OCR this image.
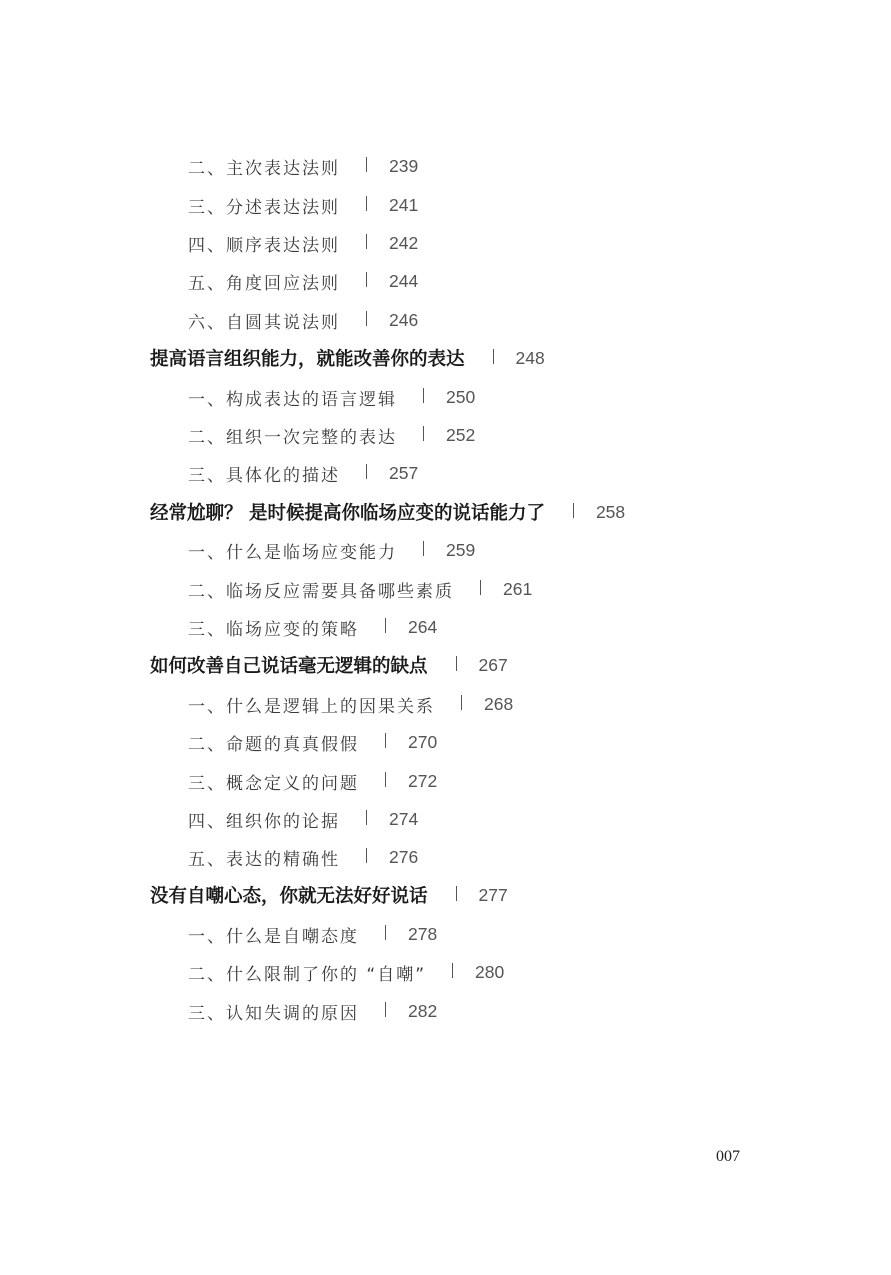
二、主次表达法则	239
三、分述表达法则	241
四、顺序表达法则	242
五、角度回应法则	244
六、自圆其说法则	246
提高语言组织能力，就能改善你的表达	248
一、构成表达的语言逻辑	250
二、组织一次完整的表达	252
三、具体化的描述	257
经常尬聊？ 是时候提高你临场应变的说话能力了	258
一、什么是临场应变能力	259
二、临场反应需要具备哪些素质	261
三、临场应变的策略	264
如何改善自己说话毫无逻辑的缺点	267
一、什么是逻辑上的因果关系	268
二、命题的真真假假	270
三、概念定义的问题	272
四、组织你的论据	274
五、表达的精确性	276
没有自嘲心态，你就无法好好说话	277
一、什么是自嘲态度	278
二、什么限制了你的 “自嘲”	280
三、认知失调的原因	282
007
